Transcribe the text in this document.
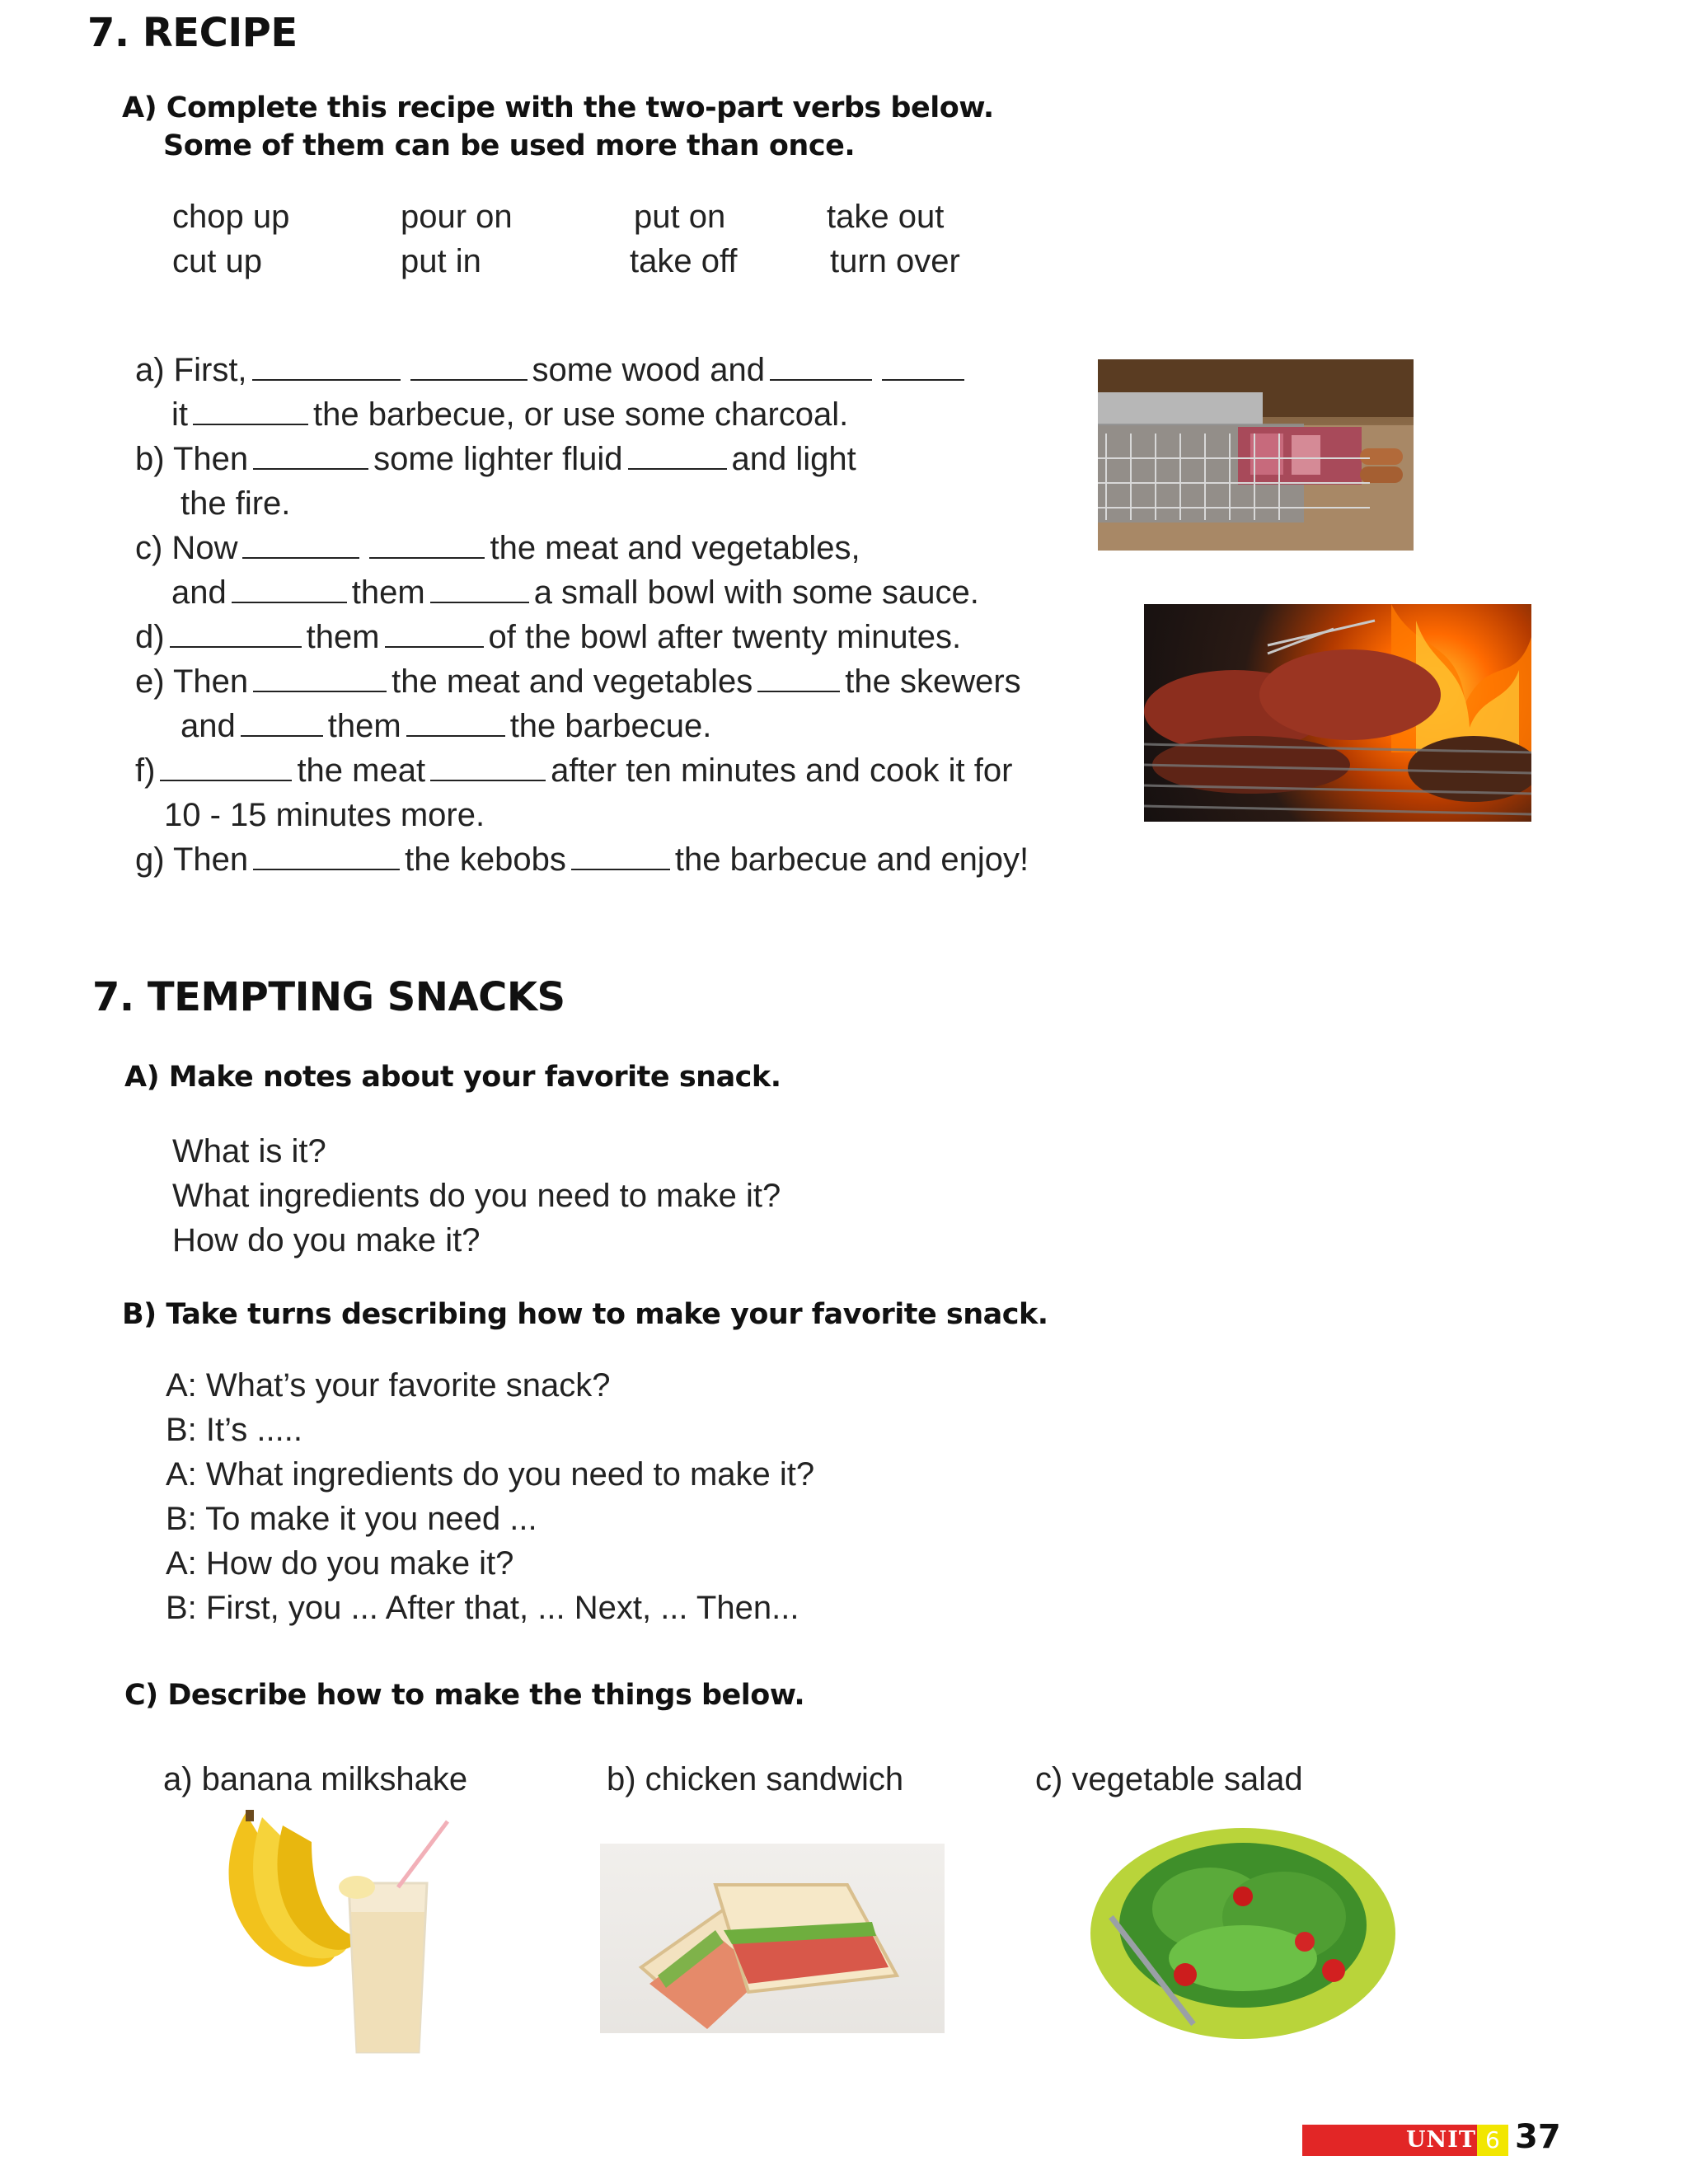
7. RECIPE
A) Complete this recipe with the two-part verbs below.
Some of them can be used more than once.
chop up	pour on	put on	take out
cut up	put in	take off	turn over
a) First,	some wood and
it	the barbecue, or use some charcoal.
b) Then	some lighter fluid	and light
the fire.
c) Now	the meat and vegetables,
and	them	a small bowl with some sauce.
d)	them	of the bowl after twenty minutes.
e) Then	the meat and vegetables	the skewers
and	them	the barbecue.
f)	the meat	after ten minutes and cook it for
10 - 15 minutes more.
g) Then	the kebobs	the barbecue and enjoy!
7. TEMPTING SNACKS
A) Make notes about your favorite snack.
What is it?
What ingredients do you need to make it?
How do you make it?
B) Take turns describing how to make your favorite snack.
A: What’s your favorite snack?
B: It’s .....
A: What ingredients do you need to make it?
B: To make it you need ...
A: How do you make it?
B: First, you ... After that, ... Next, ... Then...
C) Describe how to make the things below.
a) banana milkshake	b) chicken sandwich	c) vegetable salad
UNIT 6 37
